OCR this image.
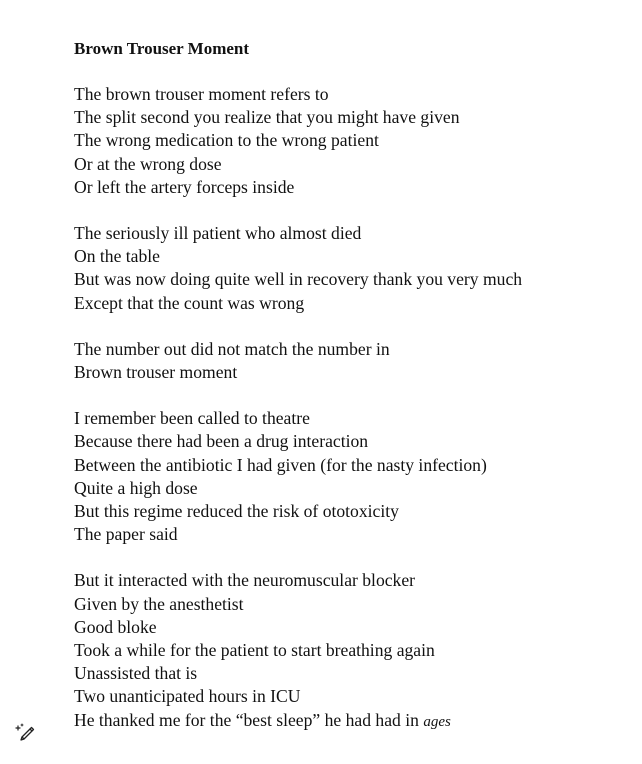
Brown Trouser Moment
The brown trouser moment refers to
The split second you realize that you might have given
The wrong medication to the wrong patient
Or at the wrong dose
Or left the artery forceps inside
The seriously ill patient who almost died
On the table
But was now doing quite well in recovery thank you very much
Except that the count was wrong
The number out did not match the number in
Brown trouser moment
I remember been called to theatre
Because there had been a drug interaction
Between the antibiotic I had given (for the nasty infection)
Quite a high dose
But this regime reduced the risk of ototoxicity
The paper said
But it interacted with the neuromuscular blocker
Given by the anesthetist
Good bloke
Took a while for the patient to start breathing again
Unassisted that is
Two unanticipated hours in ICU
He thanked me for the “best sleep” he had had in ages
